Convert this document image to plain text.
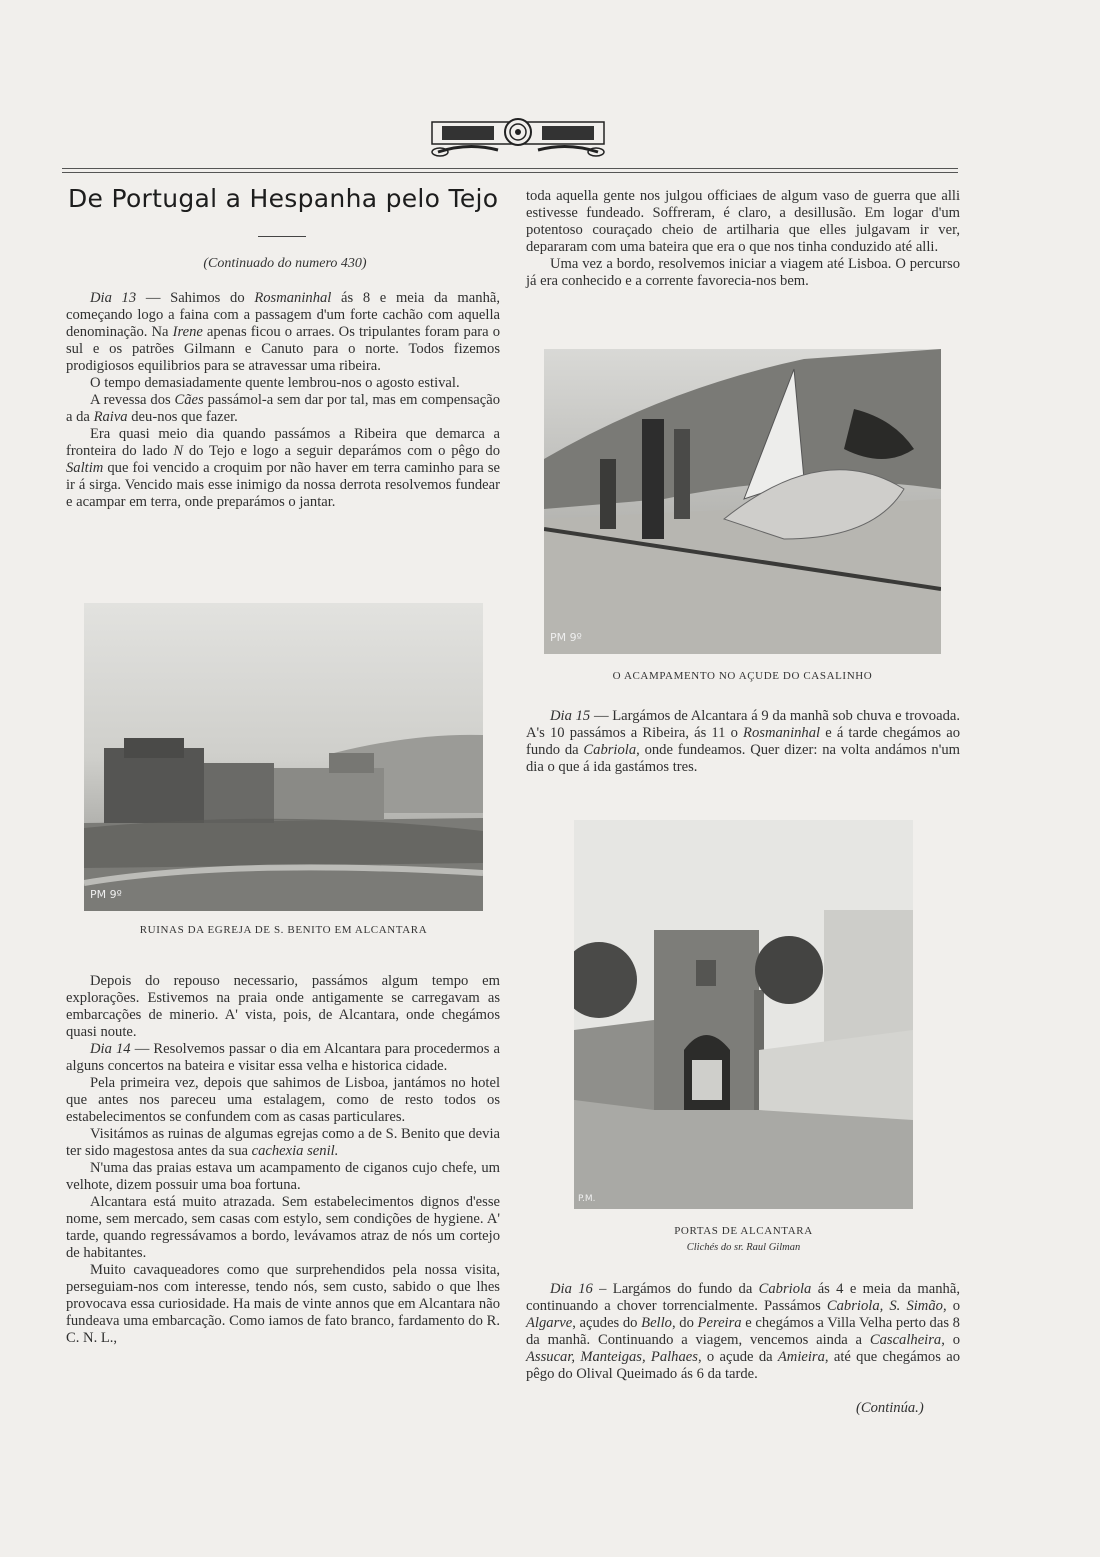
De Portugal a Hespanha pelo Tejo
(Continuado do numero 430)

Dia 13 — Sahimos do Rosmaninhal ás 8 e meia da manhã, começando logo a faina com a passagem d'um forte cachão com aquella denominação. Na Irene apenas ficou o arraes. Os tripulantes foram para o sul e os patrões Gilmann e Canuto para o norte. Todos fizemos prodigiosos equilibrios para se atravessar uma ribeira.

O tempo demasiadamente quente lembrou-nos o agosto estival.

A revessa dos Cães passámol-a sem dar por tal, mas em compensação a da Raiva deu-nos que fazer.

Era quasi meio dia quando passámos a Ribeira que demarca a fronteira do lado N do Tejo e logo a seguir deparámos com o pêgo do Saltim que foi vencido a croquim por não haver em terra caminho para se ir á sirga. Vencido mais esse inimigo da nossa derrota resolvemos fundear e acampar em terra, onde preparámos o jantar.

toda aquella gente nos julgou officiaes de algum vaso de guerra que alli estivesse fundeado. Soffreram, é claro, a desillusão. Em logar d'um potentoso couraçado cheio de artilharia que elles julgavam ir ver, depararam com uma bateira que era o que nos tinha conduzido até alli.

Uma vez a bordo, resolvemos iniciar a viagem até Lisboa. O percurso já era conhecido e a corrente favorecia-nos bem.

PM 9º
O ACAMPAMENTO NO AÇUDE DO CASALINHO

Dia 15 — Largámos de Alcantara á 9 da manhã sob chuva e trovoada. A's 10 passámos a Ribeira, ás 11 o Rosmaninhal e á tarde chegámos ao fundo da Cabriola, onde fundeamos. Quer dizer: na volta andámos n'um dia o que á ida gastámos tres.

PM 9º
RUINAS DA EGREJA DE S. BENITO EM ALCANTARA
P.M.
PORTAS DE ALCANTARA
Clichés do sr. Raul Gilman

Depois do repouso necessario, passámos algum tempo em explorações. Estivemos na praia onde antigamente se carregavam as embarcações de minerio. A' vista, pois, de Alcantara, onde chegámos quasi noute.

Dia 14 — Resolvemos passar o dia em Alcantara para procedermos a alguns concertos na bateira e visitar essa velha e historica cidade.

Pela primeira vez, depois que sahimos de Lisboa, jantámos no hotel que antes nos pareceu uma estalagem, como de resto todos os estabelecimentos se confundem com as casas particulares.

Visitámos as ruinas de algumas egrejas como a de S. Benito que devia ter sido magestosa antes da sua cachexia senil.

N'uma das praias estava um acampamento de ciganos cujo chefe, um velhote, dizem possuir uma boa fortuna.

Alcantara está muito atrazada. Sem estabelecimentos dignos d'esse nome, sem mercado, sem casas com estylo, sem condições de hygiene. A' tarde, quando regressávamos a bordo, levávamos atraz de nós um cortejo de habitantes.

Muito cavaqueadores como que surprehendidos pela nossa visita, perseguiam-nos com interesse, tendo nós, sem custo, sabido o que lhes provocava essa curiosidade. Ha mais de vinte annos que em Alcantara não fundeava uma embarcação. Como iamos de fato branco, fardamento do R. C. N. L.,

Dia 16 – Largámos do fundo da Cabriola ás 4 e meia da manhã, continuando a chover torrencialmente. Passámos Cabriola, S. Simão, o Algarve, açudes do Bello, do Pereira e chegámos a Villa Velha perto das 8 da manhã. Continuando a viagem, vencemos ainda a Cascalheira, o Assucar, Manteigas, Palhaes, o açude da Amieira, até que chegámos ao pêgo do Olival Queimado ás 6 da tarde.

(Continúa.)
